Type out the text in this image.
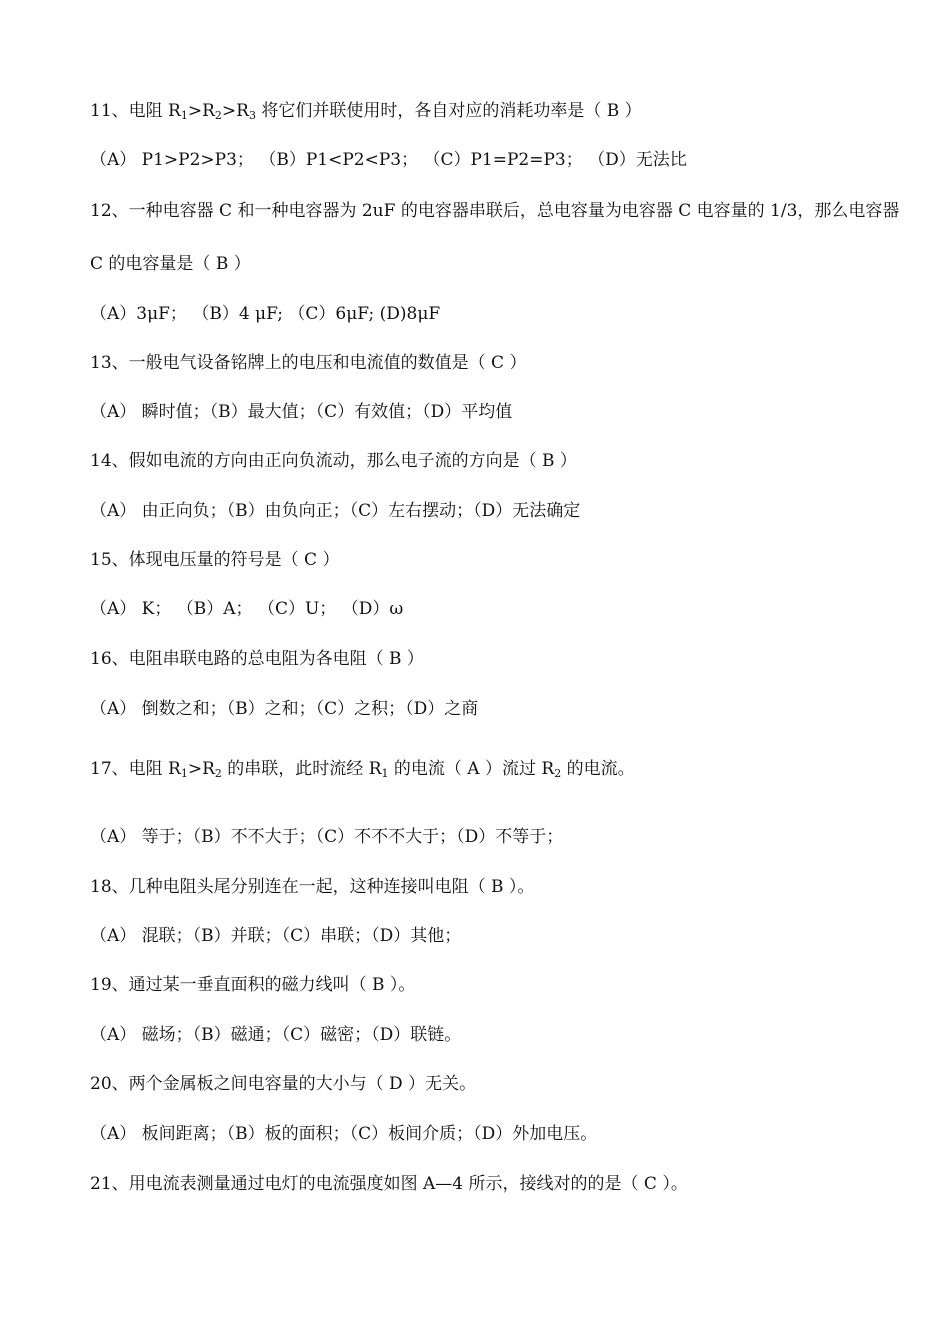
11、电阻 $R_1>R_2>R_3$ 将它们并联使用时，各自对应的消耗功率是（ B ）
（A） P1>P2>P3； （B）P1<P2<P3； （C）P1=P2=P3； （D）无法比
12、一种电容器 C 和一种电容器为 2uF 的电容器串联后，总电容量为电容器 C 电容量的 1/3，那么电容器
C 的电容量是（ B ）
（A）3μF； （B）4 μF; （C）6μF; (D)8μF
13、一般电气设备铭牌上的电压和电流值的数值是（ C ）
（A） 瞬时值；（B）最大值；（C）有效值；（D）平均值
14、假如电流的方向由正向负流动，那么电子流的方向是（ B ）
（A） 由正向负；（B）由负向正；（C）左右摆动；（D）无法确定
15、体现电压量的符号是（ C ）
（A） K； （B）A； （C）U； （D）ω
16、电阻串联电路的总电阻为各电阻（ B ）
（A） 倒数之和；（B）之和；（C）之积；（D）之商
17、电阻 $R_1>R_2$ 的串联，此时流经 $R_1$ 的电流（ A ）流过 $R_2$ 的电流。
（A） 等于；（B）不不大于；（C）不不不大于；（D）不等于；
18、几种电阻头尾分别连在一起，这种连接叫电阻（ B ）。
（A） 混联；（B）并联；（C）串联；（D）其他；
19、通过某一垂直面积的磁力线叫（ B ）。
（A） 磁场；（B）磁通；（C）磁密；（D）联链。
20、两个金属板之间电容量的大小与（ D ）无关。
（A） 板间距离；（B）板的面积；（C）板间介质；（D）外加电压。
21、用电流表测量通过电灯的电流强度如图 A—4 所示，接线对的的是（ C ）。
